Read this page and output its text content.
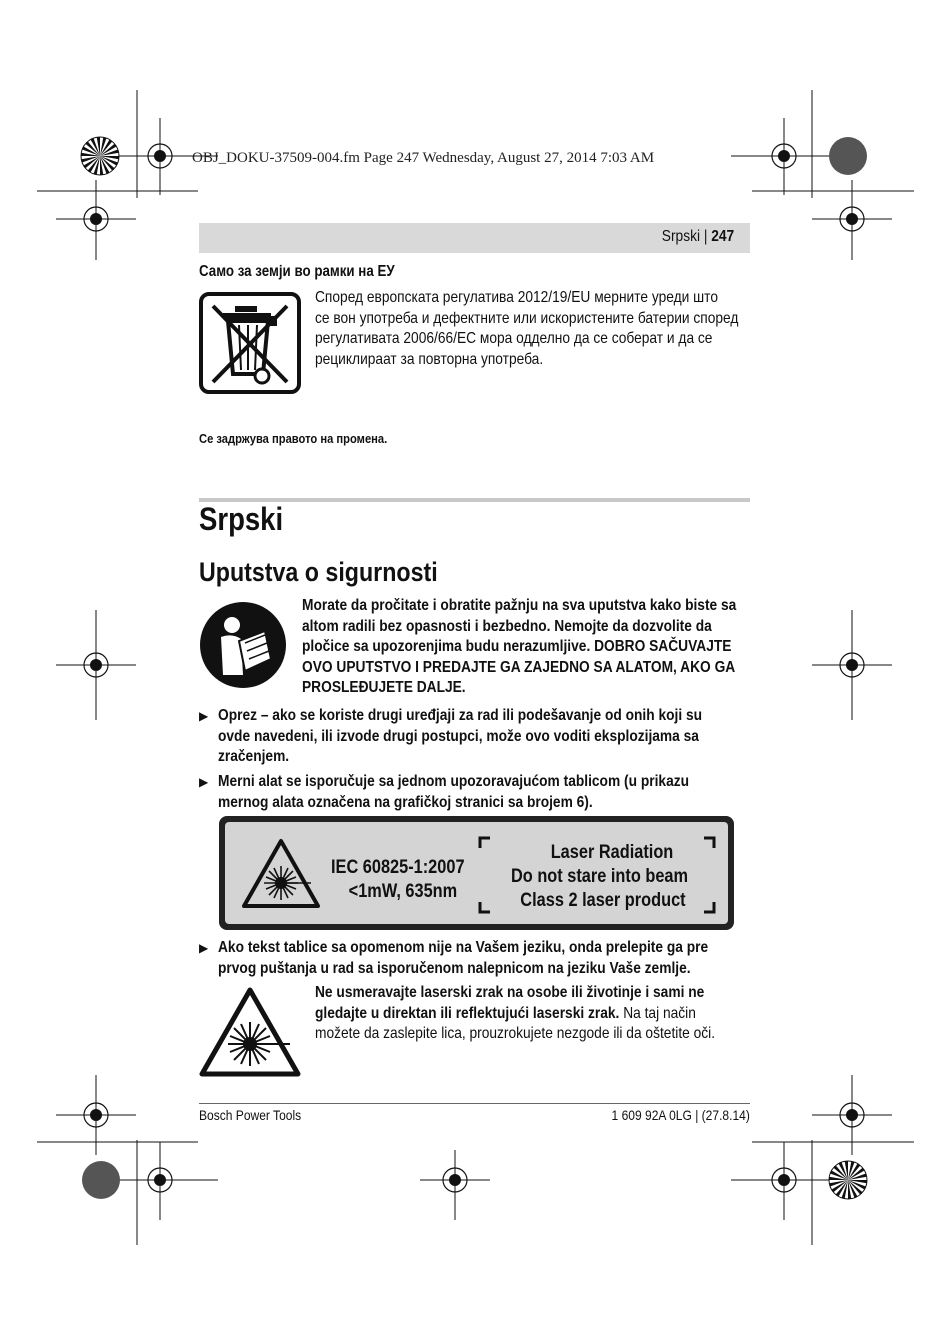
OBJ_DOKU-37509-004.fm Page 247 Wednesday, August 27, 2014 7:03 AM
Srpski | 247
Само за земји во рамки на ЕУ
Според европската регулатива 2012/19/EU мерните уреди што
се вон употреба и дефектните или искористените батерии според
регулативата 2006/66/EC мора одделно да се соберат и да се
рециклираат за повторна употреба.
Се задржува правото на промена.
Srpski
Uputstva o sigurnosti
Morate da pročitate i obratite pažnju na sva uputstva kako biste sa
altom radili bez opasnosti i bezbedno. Nemojte da dozvolite da
pločice sa upozorenjima budu nerazumljive. DOBRO SAČUVAJTE
OVO UPUTSTVO I PREDAJTE GA ZAJEDNO SA ALATOM, AKO GA
PROSLEĐUJETE DALJE.
▶ Oprez – ako se koriste drugi uređjaji za rad ili podešavanje od onih koji su
ovde navedeni, ili izvode drugi postupci, može ovo voditi eksplozijama sa
zračenjem.
▶ Merni alat se isporučuje sa jednom upozoravajućom tablicom (u prikazu
mernog alata označena na grafičkoj stranici sa brojem 6).
IEC 60825-1:2007
<1mW, 635nm
Laser Radiation
Do not stare into beam
Class 2 laser product
▶ Ako tekst tablice sa opomenom nije na Vašem jeziku, onda prelepite ga pre
prvog puštanja u rad sa isporučenom nalepnicom na jeziku Vaše zemlje.
Ne usmeravajte laserski zrak na osobe ili životinje i sami ne
gledajte u direktan ili reflektujući laserski zrak. Na taj način
možete da zaslepite lica, prouzrokujete nezgode ili da oštetite oči.
Bosch Power Tools	1 609 92A 0LG | (27.8.14)
